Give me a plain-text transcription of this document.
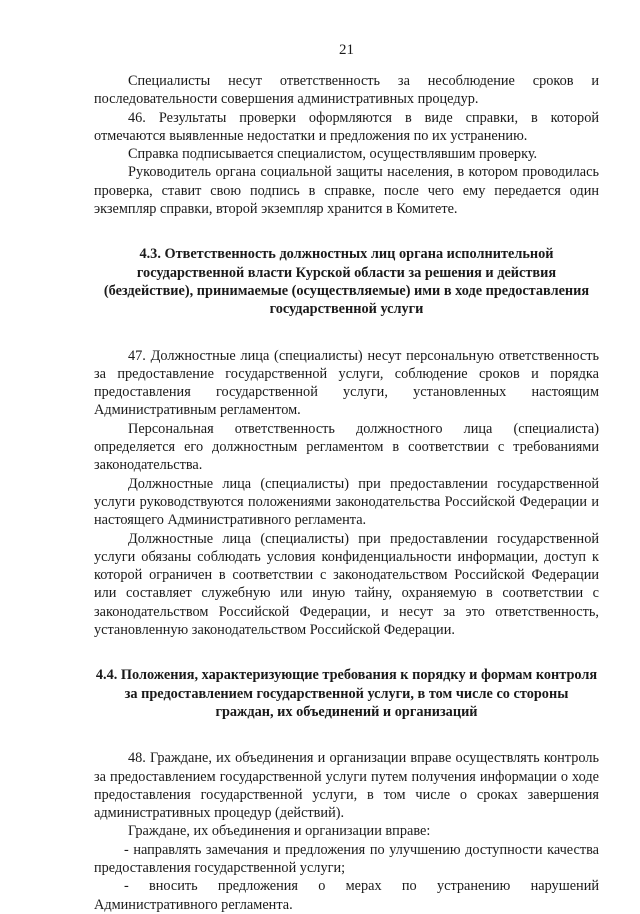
21

Специалисты несут ответственность за несоблюдение сроков и последовательности совершения административных процедур.

46. Результаты проверки оформляются в виде справки, в которой отмечаются выявленные недостатки и предложения по их устранению.

Справка подписывается специалистом, осуществлявшим проверку.

Руководитель органа социальной защиты населения, в котором проводилась проверка, ставит свою подпись в справке, после чего ему передается один экземпляр справки, второй экземпляр хранится в Комитете.

4.3. Ответственность должностных лиц органа исполнительной государственной власти Курской области за решения и действия (бездействие), принимаемые (осуществляемые) ими в ходе предоставления государственной услуги

47. Должностные лица (специалисты) несут персональную ответственность за предоставление государственной услуги, соблюдение сроков и порядка предоставления государственной услуги, установленных настоящим Административным регламентом.

Персональная ответственность должностного лица (специалиста) определяется его должностным регламентом в соответствии с требованиями законодательства.

Должностные лица (специалисты) при предоставлении государственной услуги руководствуются положениями законодательства Российской Федерации и настоящего Административного регламента.

Должностные лица (специалисты) при предоставлении государственной услуги обязаны соблюдать условия конфиденциальности информации, доступ к которой ограничен в соответствии с законодательством Российской Федерации или составляет служебную или иную тайну, охраняемую в соответствии с законодательством Российской Федерации, и несут за это ответственность, установленную законодательством Российской Федерации.

4.4. Положения, характеризующие требования к порядку и формам контроля за предоставлением государственной услуги, в том числе со стороны граждан, их объединений и организаций

48. Граждане, их объединения и организации вправе осуществлять контроль за предоставлением государственной услуги путем получения информации о ходе предоставления государственной услуги, в том числе о сроках завершения административных процедур (действий).

Граждане, их объединения и организации вправе:

- направлять замечания и предложения по улучшению доступности качества предоставления государственной услуги;

- вносить предложения о мерах по устранению нарушений Административного регламента.
